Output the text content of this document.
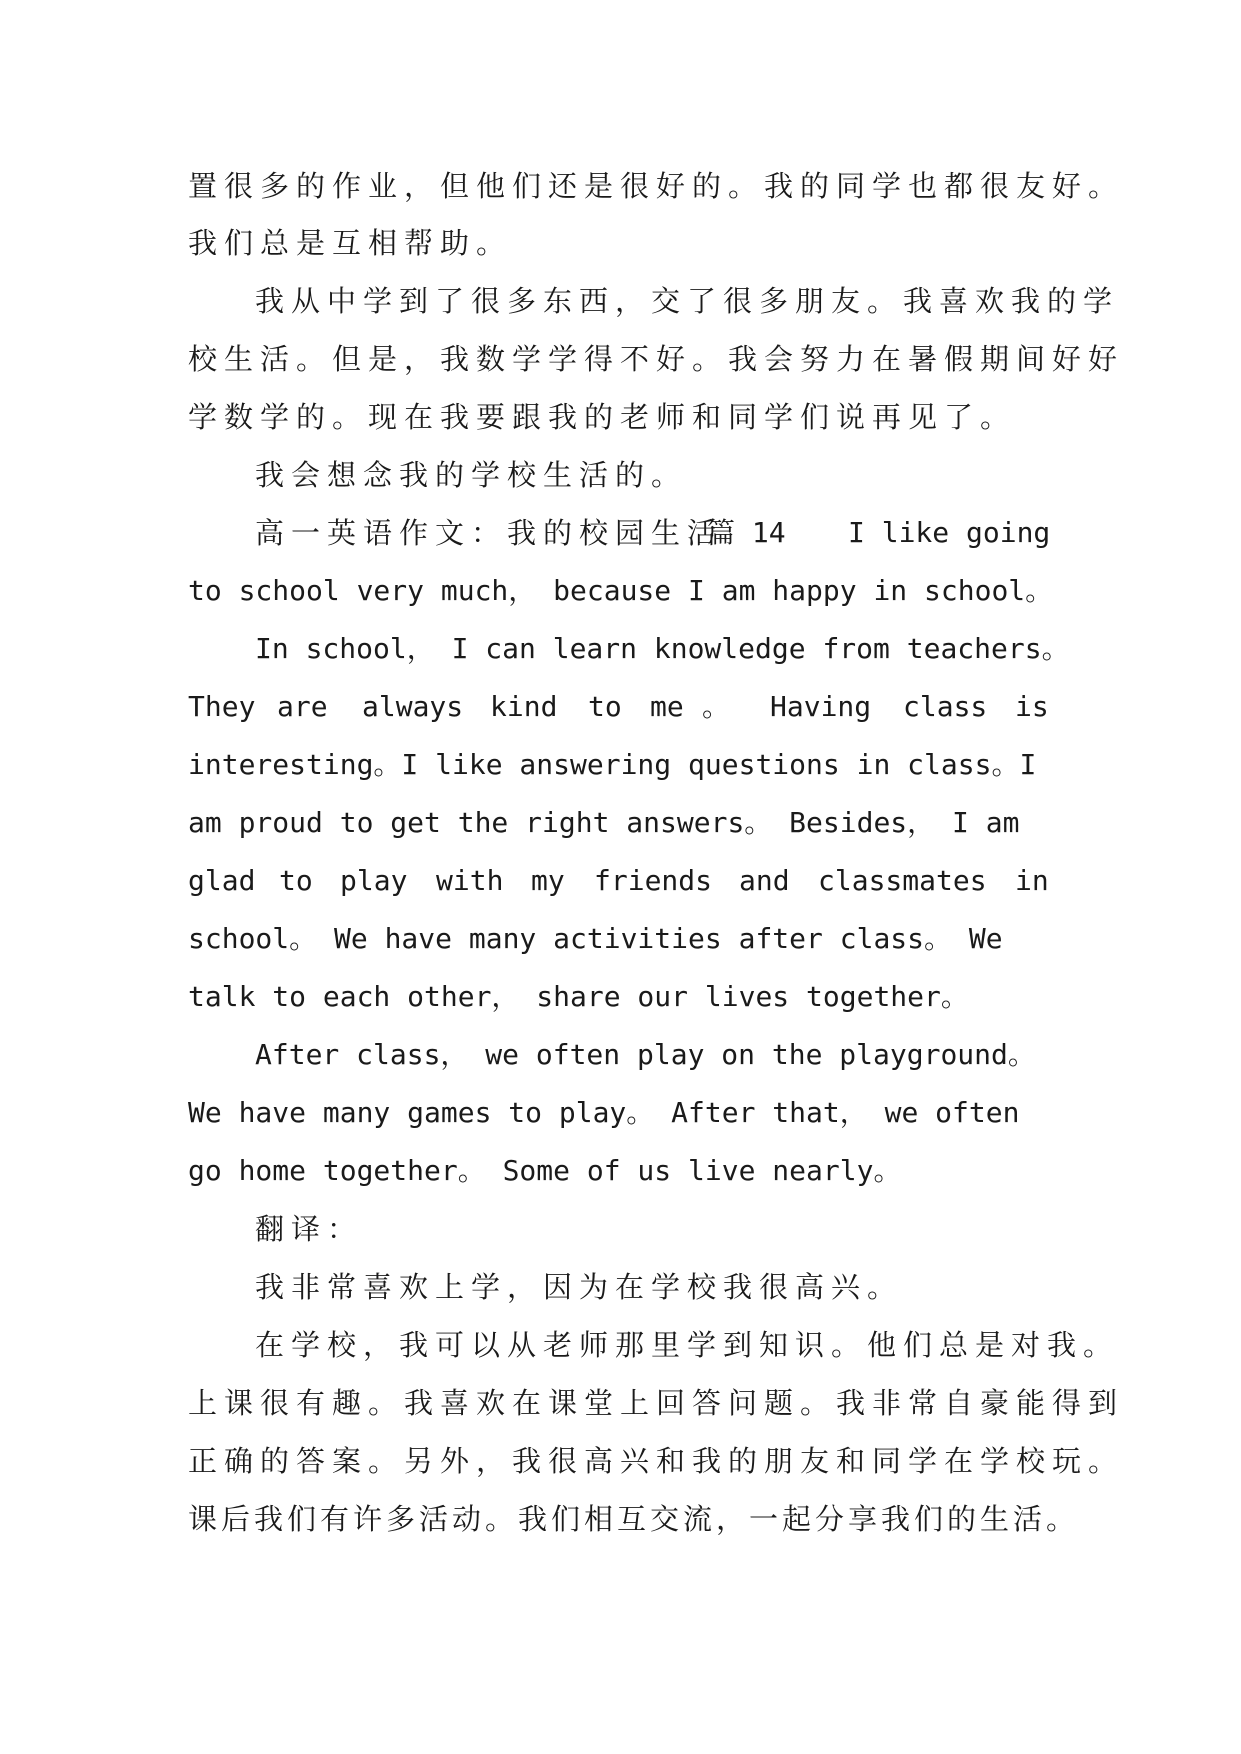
置很多的作业，但他们还是很好的。我的同学也都很友好。

我们总是互相帮助。

我从中学到了很多东西，交了很多朋友。我喜欢我的学

校生活。但是，我数学学得不好。我会努力在暑假期间好好

学数学的。现在我要跟我的老师和同学们说再见了。

我会想念我的学校生活的。

高一英语作文：我的校园生活

篇 14

I like going

to school very much， because I am happy in school。

In school， I can learn knowledge from teachers。

They

are

always

kind

to

me

。

Having

class

is

interesting。I like answering questions in class。I

am proud to get the right answers。 Besides， I am

glad

to

play

with

my

friends

and

classmates

in

school。 We have many activities after class。 We

talk to each other， share our lives together。

After class， we often play on the playground。

We have many games to play。 After that， we often

go home together。 Some of us live nearly。

翻译：

我非常喜欢上学，因为在学校我很高兴。

在学校，我可以从老师那里学到知识。他们总是对我。

上课很有趣。我喜欢在课堂上回答问题。我非常自豪能得到

正确的答案。另外，我很高兴和我的朋友和同学在学校玩。

课后我们有许多活动。我们相互交流，一起分享我们的生活。
